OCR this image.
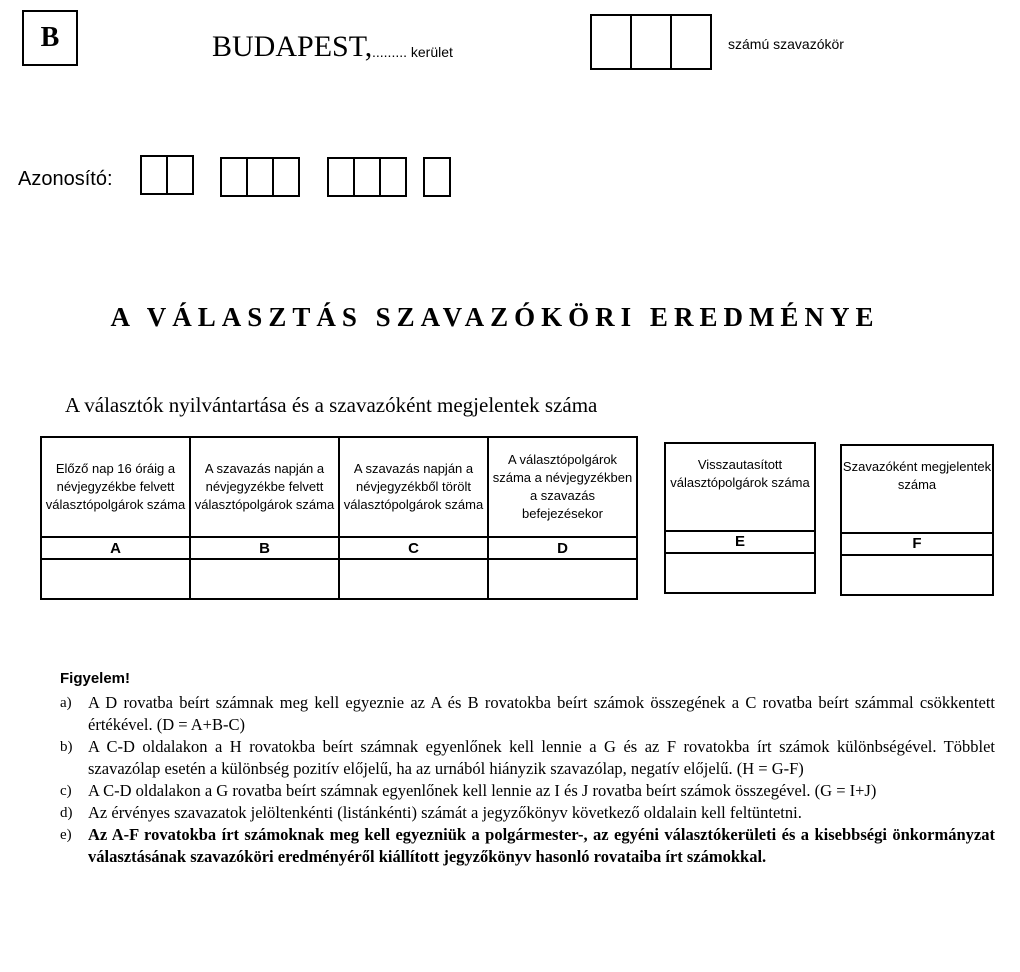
B	BUDAPEST, ......... kerület	számú szavazókör
Azonosító:
A VÁLASZTÁS SZAVAZÓKÖRI EREDMÉNYE
A választók nyilvántartása és a szavazóként megjelentek száma
Előző nap 16 óráig a névjegyzékbe felvett választópolgárok száma	A szavazás napján a névjegyzékbe felvett választópolgárok száma	A szavazás napján a névjegyzékből törölt választópolgárok száma	A választópolgárok száma a névjegyzékben a szavazás befejezésekor
A	B	C	D

Visszautasított választópolgárok száma
E
Szavazóként megjelentek száma
F
Figyelem!
a) A D rovatba beírt számnak meg kell egyeznie az A és B rovatokba beírt számok összegének a C rovatba beírt számmal csökkentett értékével. (D = A+B-C)
b) A C-D oldalakon a H rovatokba beírt számnak egyenlőnek kell lennie a G és az F rovatokba írt számok különbségével. Többlet szavazólap esetén a különbség pozitív előjelű, ha az urnából hiányzik szavazólap, negatív előjelű. (H = G-F)
c) A C-D oldalakon a G rovatba beírt számnak egyenlőnek kell lennie az I és J rovatba beírt számok összegével. (G = I+J)
d) Az érvényes szavazatok jelöltenkénti (listánkénti) számát a jegyzőkönyv következő oldalain kell feltüntetni.
e) Az A-F rovatokba írt számoknak meg kell egyezniük a polgármester-, az egyéni választókerületi és a kisebbségi önkormányzat választásának szavazóköri eredményéről kiállított jegyzőkönyv hasonló rovataiba írt számokkal.
